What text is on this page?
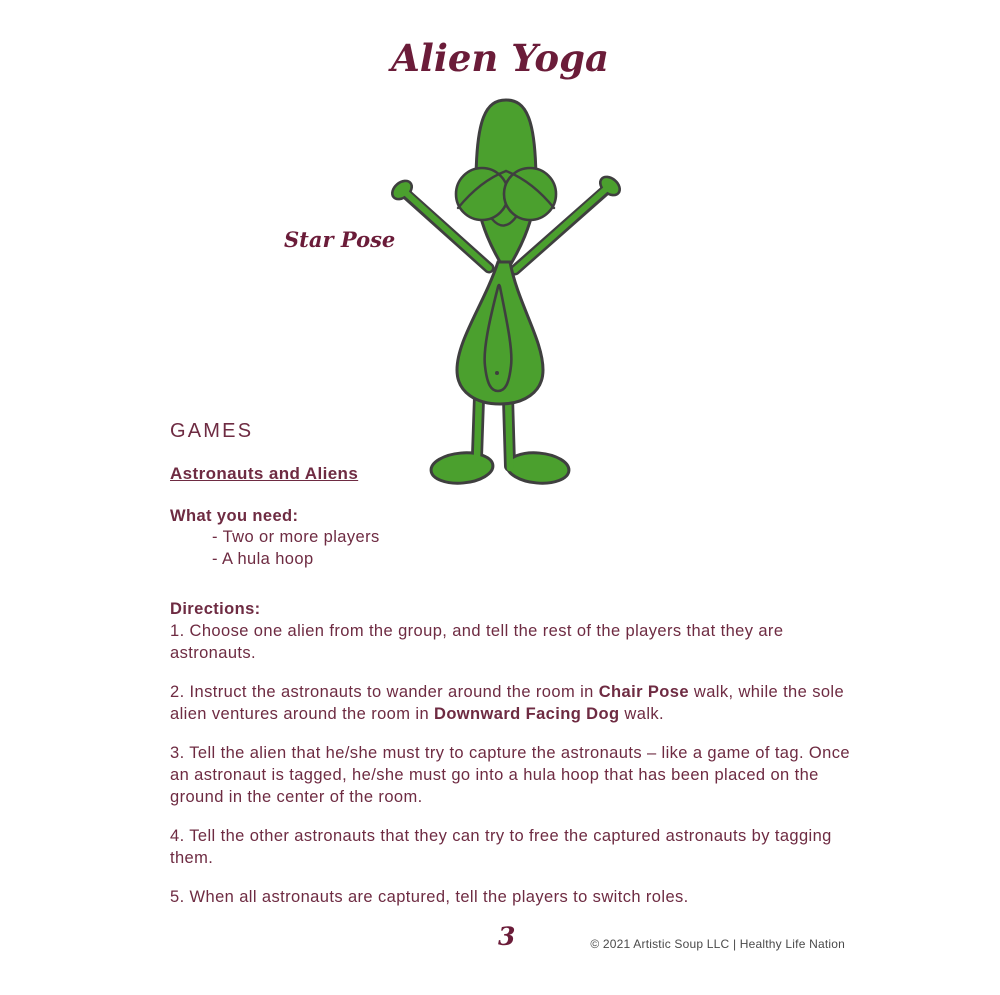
Alien Yoga
Star Pose
GAMES
Astronauts and Aliens

What you need:

- Two or more players
- A hula hoop

Directions:

1. Choose one alien from the group, and tell the rest of the players that they are astronauts.

2. Instruct the astronauts to wander around the room in Chair Pose walk, while the sole alien ventures around the room in Downward Facing Dog walk.

3. Tell the alien that he/she must try to capture the astronauts – like a game of tag. Once an astronaut is tagged, he/she must go into a hula hoop that has been placed on the ground in the center of the room.

4. Tell the other astronauts that they can try to free the captured astronauts by tagging them.

5. When all astronauts are captured, tell the players to switch roles.

3	© 2021 Artistic Soup LLC | Healthy Life Nation
